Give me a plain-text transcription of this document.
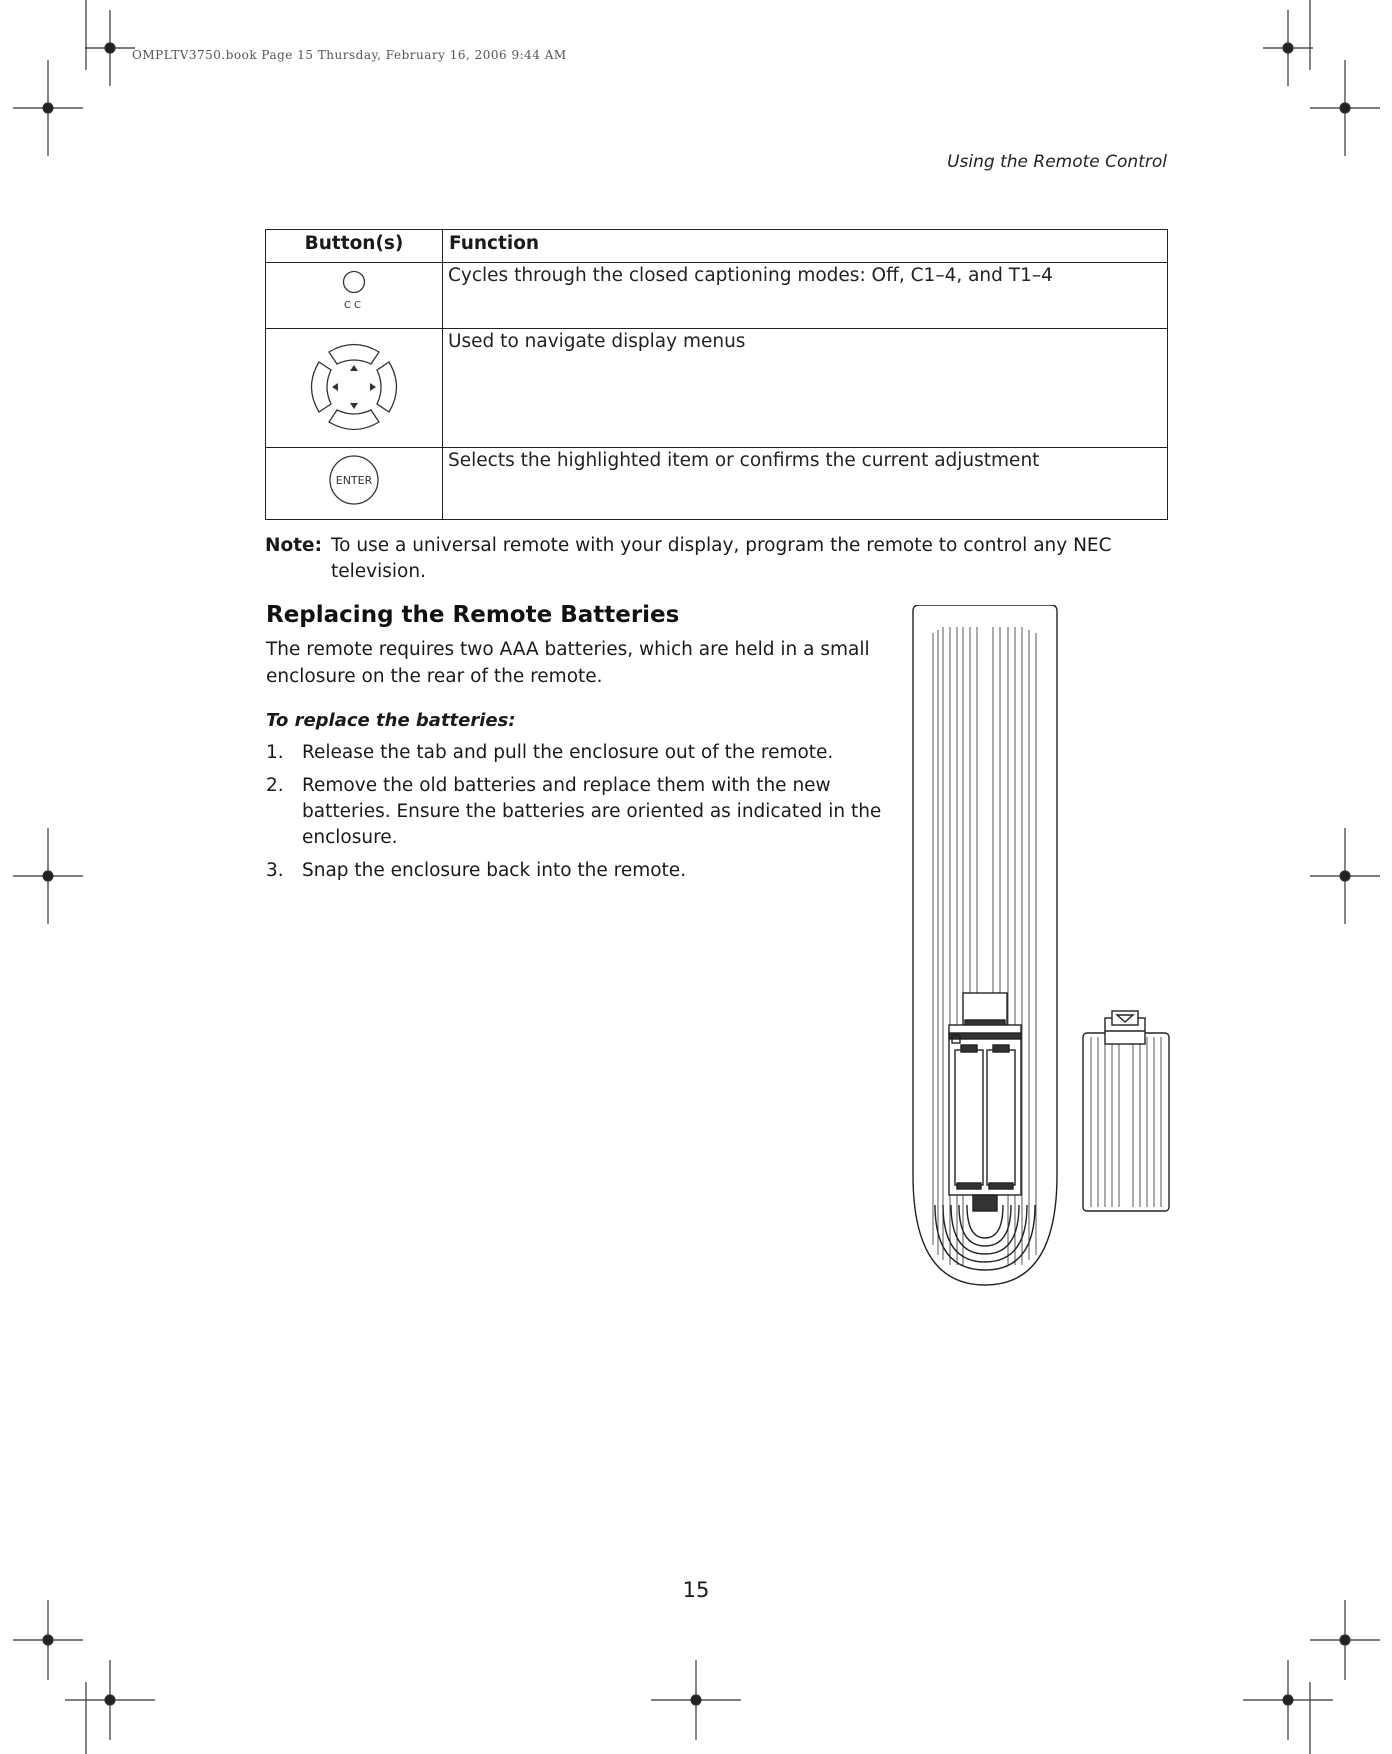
OMPLTV3750.book Page 15 Thursday, February 16, 2006 9:44 AM
Using the Remote Control
Button(s)	Function

CC	Cycles through the closed captioning modes: Off, C1–4, and T1–4
	Used to navigate display menus

ENTER	Selects the highlighted item or confirms the current adjustment
Note: To use a universal remote with your display, program the remote to control any NEC television.
Replacing the Remote Batteries
The remote requires two AAA batteries, which are held in a small enclosure on the rear of the remote.
To replace the batteries:
1. Release the tab and pull the enclosure out of the remote.
2. Remove the old batteries and replace them with the new batteries. Ensure the batteries are oriented as indicated in the enclosure.
3. Snap the enclosure back into the remote.
15
